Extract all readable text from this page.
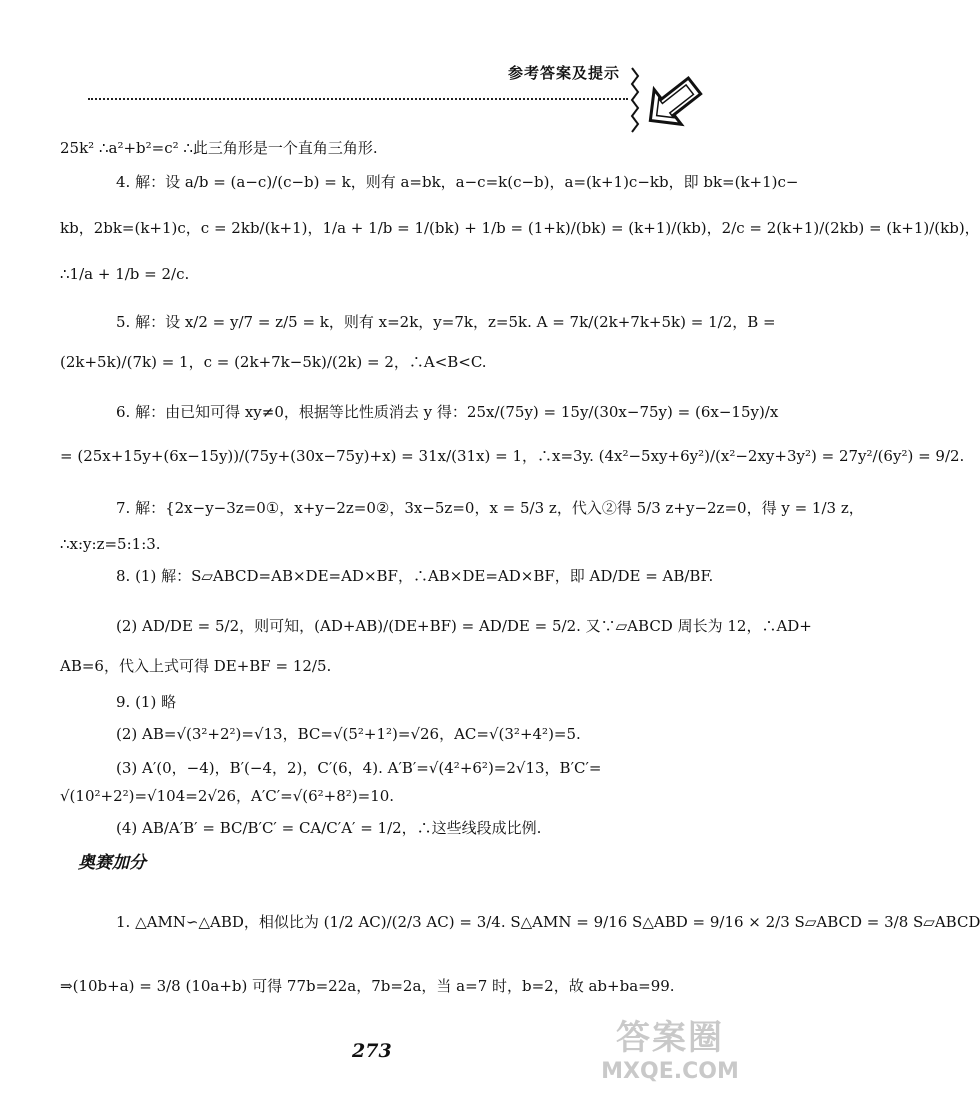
参考答案及提示
25k² ∴a²+b²=c² ∴此三角形是一个直角三角形.
4. 解：设 a/b = (a−c)/(c−b) = k，则有 a=bk，a−c=k(c−b)，a=(k+1)c−kb，即 bk=(k+1)c−
kb，2bk=(k+1)c，c = 2kb/(k+1)，1/a + 1/b = 1/(bk) + 1/b = (1+k)/(bk) = (k+1)/(kb)，2/c = 2(k+1)/(2kb) = (k+1)/(kb)，
∴1/a + 1/b = 2/c.
5. 解：设 x/2 = y/7 = z/5 = k，则有 x=2k，y=7k，z=5k. A = 7k/(2k+7k+5k) = 1/2，B =
(2k+5k)/(7k) = 1，c = (2k+7k−5k)/(2k) = 2，∴A<B<C.
6. 解：由已知可得 xy≠0，根据等比性质消去 y 得：25x/(75y) = 15y/(30x−75y) = (6x−15y)/x
= (25x+15y+(6x−15y))/(75y+(30x−75y)+x) = 31x/(31x) = 1，∴x=3y. (4x²−5xy+6y²)/(x²−2xy+3y²) = 27y²/(6y²) = 9/2.
7. 解：{2x−y−3z=0①，x+y−2z=0②，3x−5z=0，x = 5/3 z，代入②得 5/3 z+y−2z=0，得 y = 1/3 z，
∴x:y:z=5:1:3.
8. (1) 解：S▱ABCD=AB×DE=AD×BF，∴AB×DE=AD×BF，即 AD/DE = AB/BF.
(2) AD/DE = 5/2，则可知，(AD+AB)/(DE+BF) = AD/DE = 5/2. 又∵▱ABCD 周长为 12，∴AD+
AB=6，代入上式可得 DE+BF = 12/5.
9. (1) 略
(2) AB=√(3²+2²)=√13，BC=√(5²+1²)=√26，AC=√(3²+4²)=5.
(3) A′(0，−4)，B′(−4，2)，C′(6，4). A′B′=√(4²+6²)=2√13，B′C′=
√(10²+2²)=√104=2√26，A′C′=√(6²+8²)=10.
(4) AB/A′B′ = BC/B′C′ = CA/C′A′ = 1/2，∴这些线段成比例.
奥赛加分
1. △AMN∽△ABD，相似比为 (1/2 AC)/(2/3 AC) = 3/4. S△AMN = 9/16 S△ABD = 9/16 × 2/3 S▱ABCD = 3/8 S▱ABCD
⇒(10b+a) = 3/8 (10a+b) 可得 77b=22a，7b=2a，当 a=7 时，b=2，故 ab+ba=99.
273	答案圈
MXQE.COM
